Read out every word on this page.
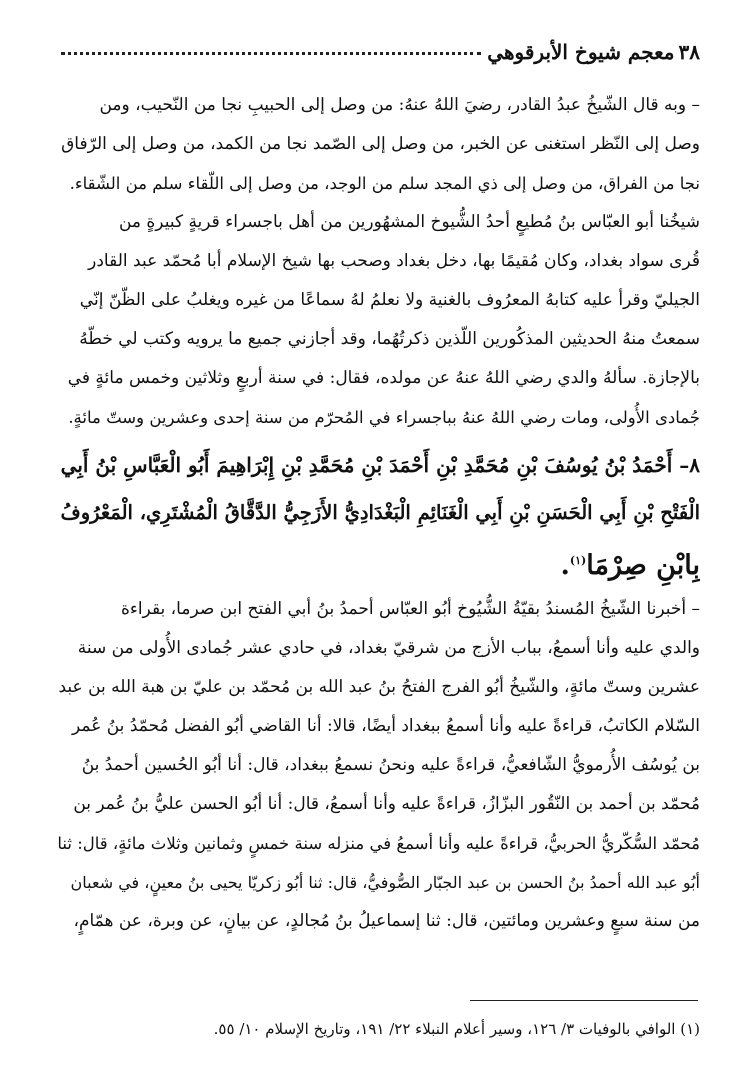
٣٨
معجم شيوخ الأبرقوهي

– وبه قال الشّيخُ عبدُ القادر، رضيَ اللهُ عنهُ: من وصل إلى الحبيبِ نجا من النّحيب، ومن
وصل إلى النّظر استغنى عن الخبر، من وصل إلى الصّمد نجا من الكمد، من وصل إلى الرّفاق
نجا من الفراق، من وصل إلى ذي المجد سلم من الوجد، من وصل إلى اللّقاء سلم من الشّقاء.

شيخُنا أبو العبّاس بنُ مُطيعٍ أحدُ الشُّيوخ المشهُورين من أهل باجسراء قريةٍ كبيرةٍ من
قُرى سواد بغداد، وكان مُقيمًا بها، دخل بغداد وصحب بها شيخ الإسلام أبا مُحمّد عبد القادر
الجيليّ وقرأ عليه كتابهُ المعرُوف بالغنية ولا نعلمُ لهُ سماعًا من غيره ويغلبُ على الظّنّ إنّي
سمعتُ منهُ الحديثين المذكُورين اللّذين ذكرتُهُما، وقد أجازني جميع ما يرويه وكتب لي خطّهُ
بالإجازة. سألهُ والدي رضي اللهُ عنهُ عن مولده، فقال: في سنة أربعٍ وثلاثين وخمس مائةٍ في
جُمادى الأُولى، ومات رضي اللهُ عنهُ بباجسراء في المُحرّم من سنة إحدى وعشرين وستّ مائةٍ.

٨– أَحْمَدُ بْنُ يُوسُفَ بْنِ مُحَمَّدِ بْنِ أَحْمَدَ بْنِ مُحَمَّدِ بْنِ إِبْرَاهِيمَ أَبُو الْعَبَّاسِ بْنُ أَبِي
الْفَتْحِ بْنِ أَبِي الْحَسَنِ بْنِ أَبِي الْغَنَائِمِ الْبَغْدَادِيُّ الأَزَجِيُّ الدَّقَّاقُ الْمُشْتَرِي، الْمَعْرُوفُ
بِابْنِ صِرْمَا$^{(١)}$.

– أخبرنا الشّيخُ المُسندُ بقيّةُ الشُّيُوخ أبُو العبّاس أحمدُ بنُ أبي الفتح ابن صرما، بقراءة
والدي عليه وأنا أسمعُ، بباب الأزج من شرقيّ بغداد، في حادي عشر جُمادى الأُولى من سنة
عشرين وستّ مائةٍ، والشّيخُ أبُو الفرج الفتحُ بنُ عبد الله بن مُحمّد بن عليّ بن هبة الله بن عبد
السّلام الكاتبُ، قراءةً عليه وأنا أسمعُ ببغداد أيضًا، قالا: أنا القاضي أبُو الفضل مُحمّدُ بنُ عُمر
بن يُوسُف الأُرمويُّ الشّافعيُّ، قراءةً عليه ونحنُ نسمعُ ببغداد، قال: أنا أبُو الحُسين أحمدُ بنُ
مُحمّد بن أحمد بن النّقُور البزّازُ، قراءةً عليه وأنا أسمعُ، قال: أنا أبُو الحسن عليُّ بنُ عُمر بن
مُحمّد السُّكّريُّ الحربيُّ، قراءةً عليه وأنا أسمعُ في منزله سنة خمسٍ وثمانين وثلاث مائةٍ، قال: ثنا
أبُو عبد الله أحمدُ بنُ الحسن بن عبد الجبّار الصُّوفيُّ، قال: ثنا أبُو زكريّا يحيى بنُ معينٍ، في شعبان
من سنة سبعٍ وعشرين ومائتين، قال: ثنا إسماعيلُ بنُ مُجالدٍ، عن بيانٍ، عن وبرة، عن همّامٍ،

(١) الوافي بالوفيات ٣/ ١٢٦، وسير أعلام النبلاء ٢٢/ ١٩١، وتاريخ الإسلام ١٠/ ٥٥.
